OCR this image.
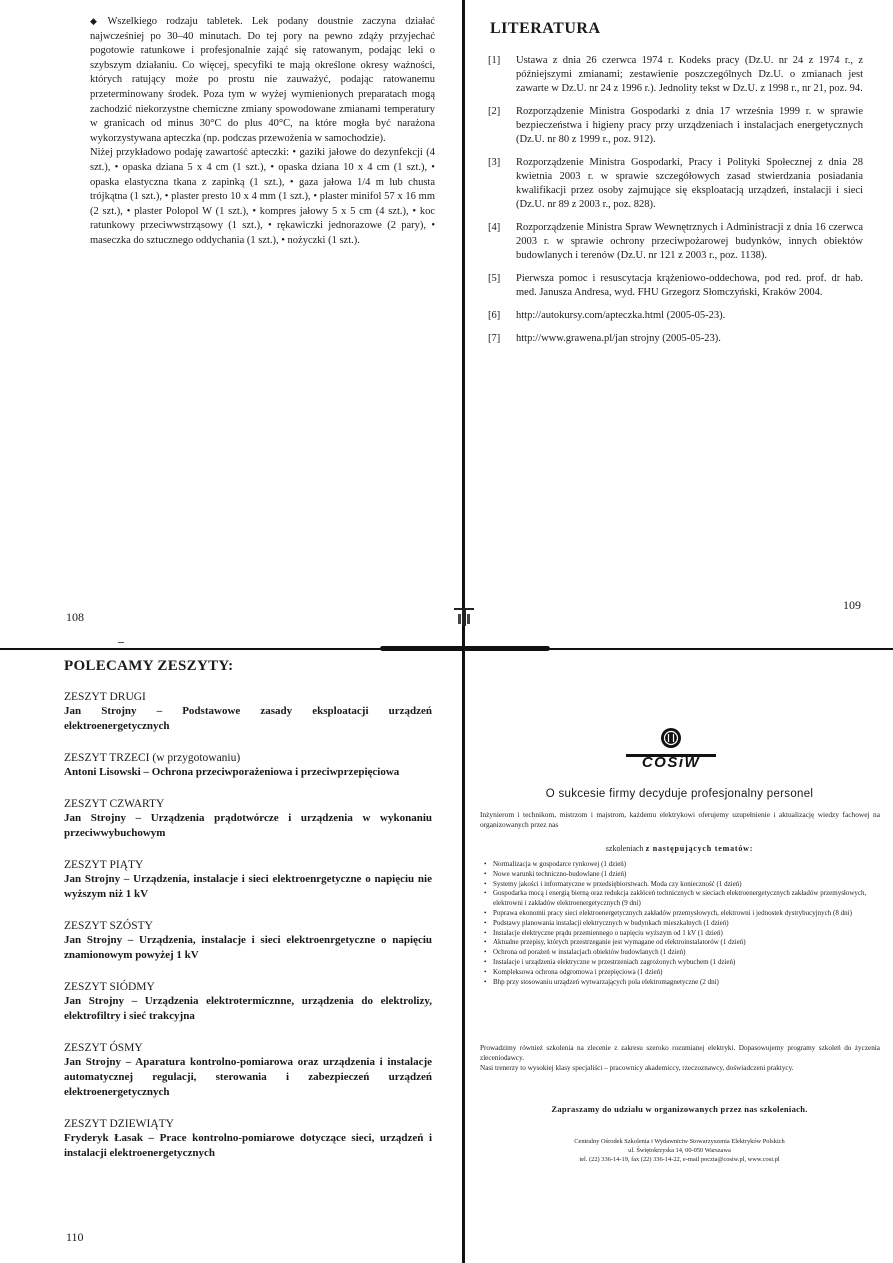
◆ Wszelkiego rodzaju tabletek. Lek podany doustnie zaczyna działać najwcześniej po 30–40 minutach. Do tej pory na pewno zdąży przyjechać pogotowie ratunkowe i profesjonalnie zająć się ratowanym, podając leki o szybszym działaniu. Co więcej, specyfiki te mają określone okresy ważności, których ratujący może po prostu nie zauważyć, podając ratowanemu przeterminowany środek. Poza tym w wyżej wymienionych preparatach mogą zachodzić niekorzystne chemiczne zmiany spowodowane zmianami temperatury w granicach od minus 30°C do plus 40°C, na które mogła być narażona wykorzystywana apteczka (np. podczas przewożenia w samochodzie).

Niżej przykładowo podaję zawartość apteczki: • gaziki jałowe do dezynfekcji (4 szt.), • opaska dziana 5 x 4 cm (1 szt.), • opaska dziana 10 x 4 cm (1 szt.), • opaska elastyczna tkana z zapinką (1 szt.), • gaza jałowa 1/4 m lub chusta trójkątna (1 szt.), • plaster presto 10 x 4 mm (1 szt.), • plaster minifol 57 x 16 mm (2 szt.), • plaster Polopol W (1 szt.), • kompres jałowy 5 x 5 cm (4 szt.), • koc ratunkowy przeciwwstrząsowy (1 szt.), • rękawiczki jednorazowe (2 pary), • maseczka do sztucznego oddychania (1 szt.), • nożyczki (1 szt.).

108
LITERATURA
[1]	Ustawa z dnia 26 czerwca 1974 r. Kodeks pracy (Dz.U. nr 24 z 1974 r., z późniejszymi zmianami; zestawienie poszczególnych Dz.U. o zmianach jest zawarte w Dz.U. nr 24 z 1996 r.). Jednolity tekst w Dz.U. z 1998 r., nr 21, poz. 94.
[2]	Rozporządzenie Ministra Gospodarki z dnia 17 września 1999 r. w sprawie bezpieczeństwa i higieny pracy przy urządzeniach i instalacjach energetycznych (Dz.U. nr 80 z 1999 r., poz. 912).
[3]	Rozporządzenie Ministra Gospodarki, Pracy i Polityki Społecznej z dnia 28 kwietnia 2003 r. w sprawie szczegółowych zasad stwierdzania posiadania kwalifikacji przez osoby zajmujące się eksploatacją urządzeń, instalacji i sieci (Dz.U. nr 89 z 2003 r., poz. 828).
[4]	Rozporządzenie Ministra Spraw Wewnętrznych i Administracji z dnia 16 czerwca 2003 r. w sprawie ochrony przeciwpożarowej budynków, innych obiektów budowlanych i terenów (Dz.U. nr 121 z 2003 r., poz. 1138).
[5]	Pierwsza pomoc i resuscytacja krążeniowo-oddechowa, pod red. prof. dr hab. med. Janusza Andresa, wyd. FHU Grzegorz Słomczyński, Kraków 2004.
[6]	http://autokursy.com/apteczka.html (2005-05-23).
[7]	http://www.grawena.pl/jan strojny (2005-05-23).
109
POLECAMY ZESZYTY:
ZESZYT DRUGI
Jan Strojny – Podstawowe zasady eksploatacji urządzeń elektroenergetycznych
ZESZYT TRZECI (w przygotowaniu)
Antoni Lisowski – Ochrona przeciwporażeniowa i przeciwprzepięciowa
ZESZYT CZWARTY
Jan Strojny – Urządzenia prądotwórcze i urządzenia w wykonaniu przeciwwybuchowym
ZESZYT PIĄTY
Jan Strojny – Urządzenia, instalacje i sieci elektroenrgetyczne o napięciu nie wyższym niż 1 kV
ZESZYT SZÓSTY
Jan Strojny – Urządzenia, instalacje i sieci elektroenrgetyczne o napięciu znamionowym powyżej 1 kV
ZESZYT SIÓDMY
Jan Strojny – Urządzenia elektrotermicznne, urządzenia do elektrolizy, elektrofiltry i sieć trakcyjna
ZESZYT ÓSMY
Jan Strojny – Aparatura kontrolno-pomiarowa oraz urządzenia i instalacje automatycznej regulacji, sterowania i zabezpieczeń urządzeń elektroenergetycznych
ZESZYT DZIEWIĄTY
Fryderyk Łasak – Prace kontrolno-pomiarowe dotyczące sieci, urządzeń i instalacji elektroenergetycznych
110
COSiW
O sukcesie firmy decyduje profesjonalny personel
Inżynierom i technikom, mistrzom i majstrom, każdemu elektrykowi oferujemy uzupełnienie i aktualizację wiedzy fachowej na organizowanych przez nas
szkoleniach z następujących tematów:
• Normalizacja w gospodarce rynkowej (1 dzień)
• Nowe warunki techniczno-budowlane (1 dzień)
• Systemy jakości i informatyczne w przedsiębiorstwach. Moda czy konieczność (1 dzień)
• Gospodarka mocą i energią bierną oraz redukcja zakłóceń technicznych w sieciach elektroenergetycznych zakładów przemysłowych, elektrowni i zakładów elektroenergetycznych (9 dni)
• Poprawa ekonomii pracy sieci elektroenergetycznych zakładów przemysłowych, elektrowni i jednostek dystrybucyjnych (8 dni)
• Podstawy planowania instalacji elektrycznych w budynkach mieszkalnych (1 dzień)
• Instalacje elektryczne prądu przemiennego o napięciu wyższym od 1 kV (1 dzień)
• Aktualne przepisy, których przestrzeganie jest wymagane od elektroinstalatorów (1 dzień)
• Ochrona od porażeń w instalacjach obiektów budowlanych (1 dzień)
• Instalacje i urządzenia elektryczne w przestrzeniach zagrożonych wybuchem (1 dzień)
• Kompleksowa ochrona odgromowa i przepięciowa (1 dzień)
• Bhp przy stosowaniu urządzeń wytwarzających pola elektromagnetyczne (2 dni)

Prowadzimy również szkolenia na zlecenie z zakresu szeroko rozumianej elektryki. Dopasowujemy programy szkoleń do życzenia zleceniodawcy.

Nasi trenerzy to wysokiej klasy specjaliści – pracownicy akademiccy, rzeczoznawcy, doświadczeni praktycy.

Zapraszamy do udziału w organizowanych przez nas szkoleniach.
Centralny Ośrodek Szkolenia i Wydawnictw Stowarzyszenia Elektryków Polskich
ul. Świętokrzyska 14, 00-050 Warszawa
tel. (22) 336-14-19, fax (22) 336-14-22, e-mail poczta@cosiw.pl, www.cosi.pl
